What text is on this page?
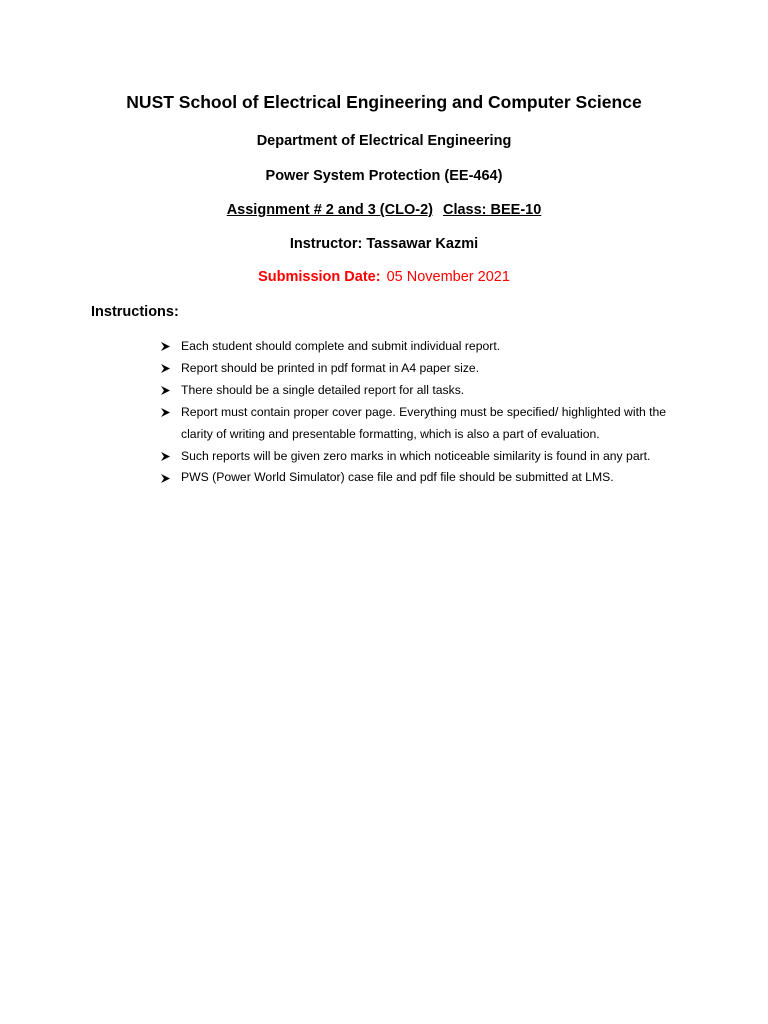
NUST School of Electrical Engineering and Computer Science
Department of Electrical Engineering
Power System Protection (EE-464)
Assignment # 2 and 3 (CLO-2) Class: BEE-10
Instructor: Tassawar Kazmi
Submission Date: 05 November 2021
Instructions:
Each student should complete and submit individual report.
Report should be printed in pdf format in A4 paper size.
There should be a single detailed report for all tasks.
Report must contain proper cover page. Everything must be specified/ highlighted with the clarity of writing and presentable formatting, which is also a part of evaluation.
Such reports will be given zero marks in which noticeable similarity is found in any part.
PWS (Power World Simulator) case file and pdf file should be submitted at LMS.
